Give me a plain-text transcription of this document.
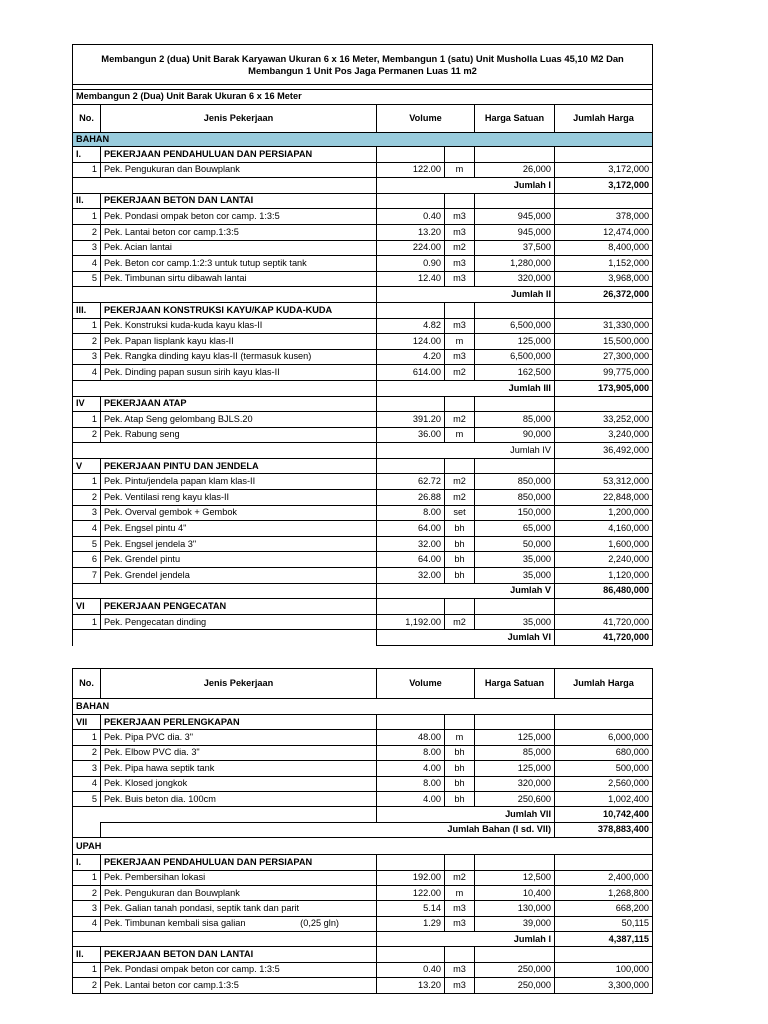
Membangun 2 (dua) Unit Barak Karyawan Ukuran 6 x 16 Meter, Membangun 1 (satu) Unit Musholla Luas 45,10 M2 Dan Membangun 1 Unit Pos Jaga Permanen Luas 11 m2					

Membangun 2 (Dua) Unit Barak Ukuran 6 x 16 Meter					
No.	Jenis Pekerjaan	Volume		Harga Satuan	Jumlah Harga
BAHAN					
I.	PEKERJAAN PENDAHULUAN DAN PERSIAPAN				
1	Pek. Pengukuran dan Bouwplank	122.00	m	26,000	3,172,000
		Jumlah I			3,172,000
II.	PEKERJAAN BETON DAN LANTAI				
1	Pek. Pondasi ompak beton cor camp. 1:3:5	0.40	m3	945,000	378,000
2	Pek. Lantai beton cor camp.1:3:5	13.20	m3	945,000	12,474,000
3	Pek. Acian lantai	224.00	m2	37,500	8,400,000
4	Pek. Beton cor camp.1:2:3 untuk tutup septik tank	0.90	m3	1,280,000	1,152,000
5	Pek. Timbunan sirtu dibawah lantai	12.40	m3	320,000	3,968,000
		Jumlah II			26,372,000
III.	PEKERJAAN KONSTRUKSI KAYU/KAP KUDA-KUDA				
1	Pek. Konstruksi kuda-kuda kayu klas-II	4.82	m3	6,500,000	31,330,000
2	Pek. Papan lisplank kayu klas-II	124.00	m	125,000	15,500,000
3	Pek. Rangka dinding kayu klas-II (termasuk kusen)	4.20	m3	6,500,000	27,300,000
4	Pek. Dinding papan susun sirih kayu klas-II	614.00	m2	162,500	99,775,000
		Jumlah III			173,905,000
IV	PEKERJAAN ATAP				
1	Pek. Atap Seng gelombang BJLS.20	391.20	m2	85,000	33,252,000
2	Pek. Rabung seng	36.00	m	90,000	3,240,000
		Jumlah IV			36,492,000
V	PEKERJAAN PINTU DAN JENDELA				
1	Pek. Pintu/jendela papan klam klas-II	62.72	m2	850,000	53,312,000
2	Pek. Ventilasi reng kayu klas-II	26.88	m2	850,000	22,848,000
3	Pek. Overval gembok + Gembok	8.00	set	150,000	1,200,000
4	Pek. Engsel pintu 4"	64.00	bh	65,000	4,160,000
5	Pek. Engsel jendela 3"	32.00	bh	50,000	1,600,000
6	Pek. Grendel pintu	64.00	bh	35,000	2,240,000
7	Pek. Grendel jendela	32.00	bh	35,000	1,120,000
		Jumlah V			86,480,000
VI	PEKERJAAN PENGECATAN				
1	Pek. Pengecatan dinding	1,192.00	m2	35,000	41,720,000
		Jumlah VI			41,720,000
No.	Jenis Pekerjaan	Volume		Harga Satuan	Jumlah Harga
BAHAN					
VII	PEKERJAAN PERLENGKAPAN				
1	Pek. Pipa PVC dia. 3"	48.00	m	125,000	6,000,000
2	Pek. Elbow PVC dia. 3"	8.00	bh	85,000	680,000
3	Pek. Pipa hawa septik tank	4.00	bh	125,000	500,000
4	Pek. Klosed jongkok	8.00	bh	320,000	2,560,000
5	Pek. Buis beton dia. 100cm	4.00	bh	250,600	1,002,400
		Jumlah VII			10,742,400
	Jumlah Bahan (I sd. VII)				378,883,400
UPAH					
I.	PEKERJAAN PENDAHULUAN DAN PERSIAPAN				
1	Pek. Pembersihan lokasi	192.00	m2	12,500	2,400,000
2	Pek. Pengukuran dan Bouwplank	122.00	m	10,400	1,268,800
3	Pek. Galian tanah pondasi, septik tank dan parit	5.14	m3	130,000	668,200
4	Pek. Timbunan kembali sisa galian (0,25 gln)	1.29	m3	39,000	50,115
		Jumlah I			4,387,115
II.	PEKERJAAN BETON DAN LANTAI				
1	Pek. Pondasi ompak beton cor camp. 1:3:5	0.40	m3	250,000	100,000
2	Pek. Lantai beton cor camp.1:3:5	13.20	m3	250,000	3,300,000
